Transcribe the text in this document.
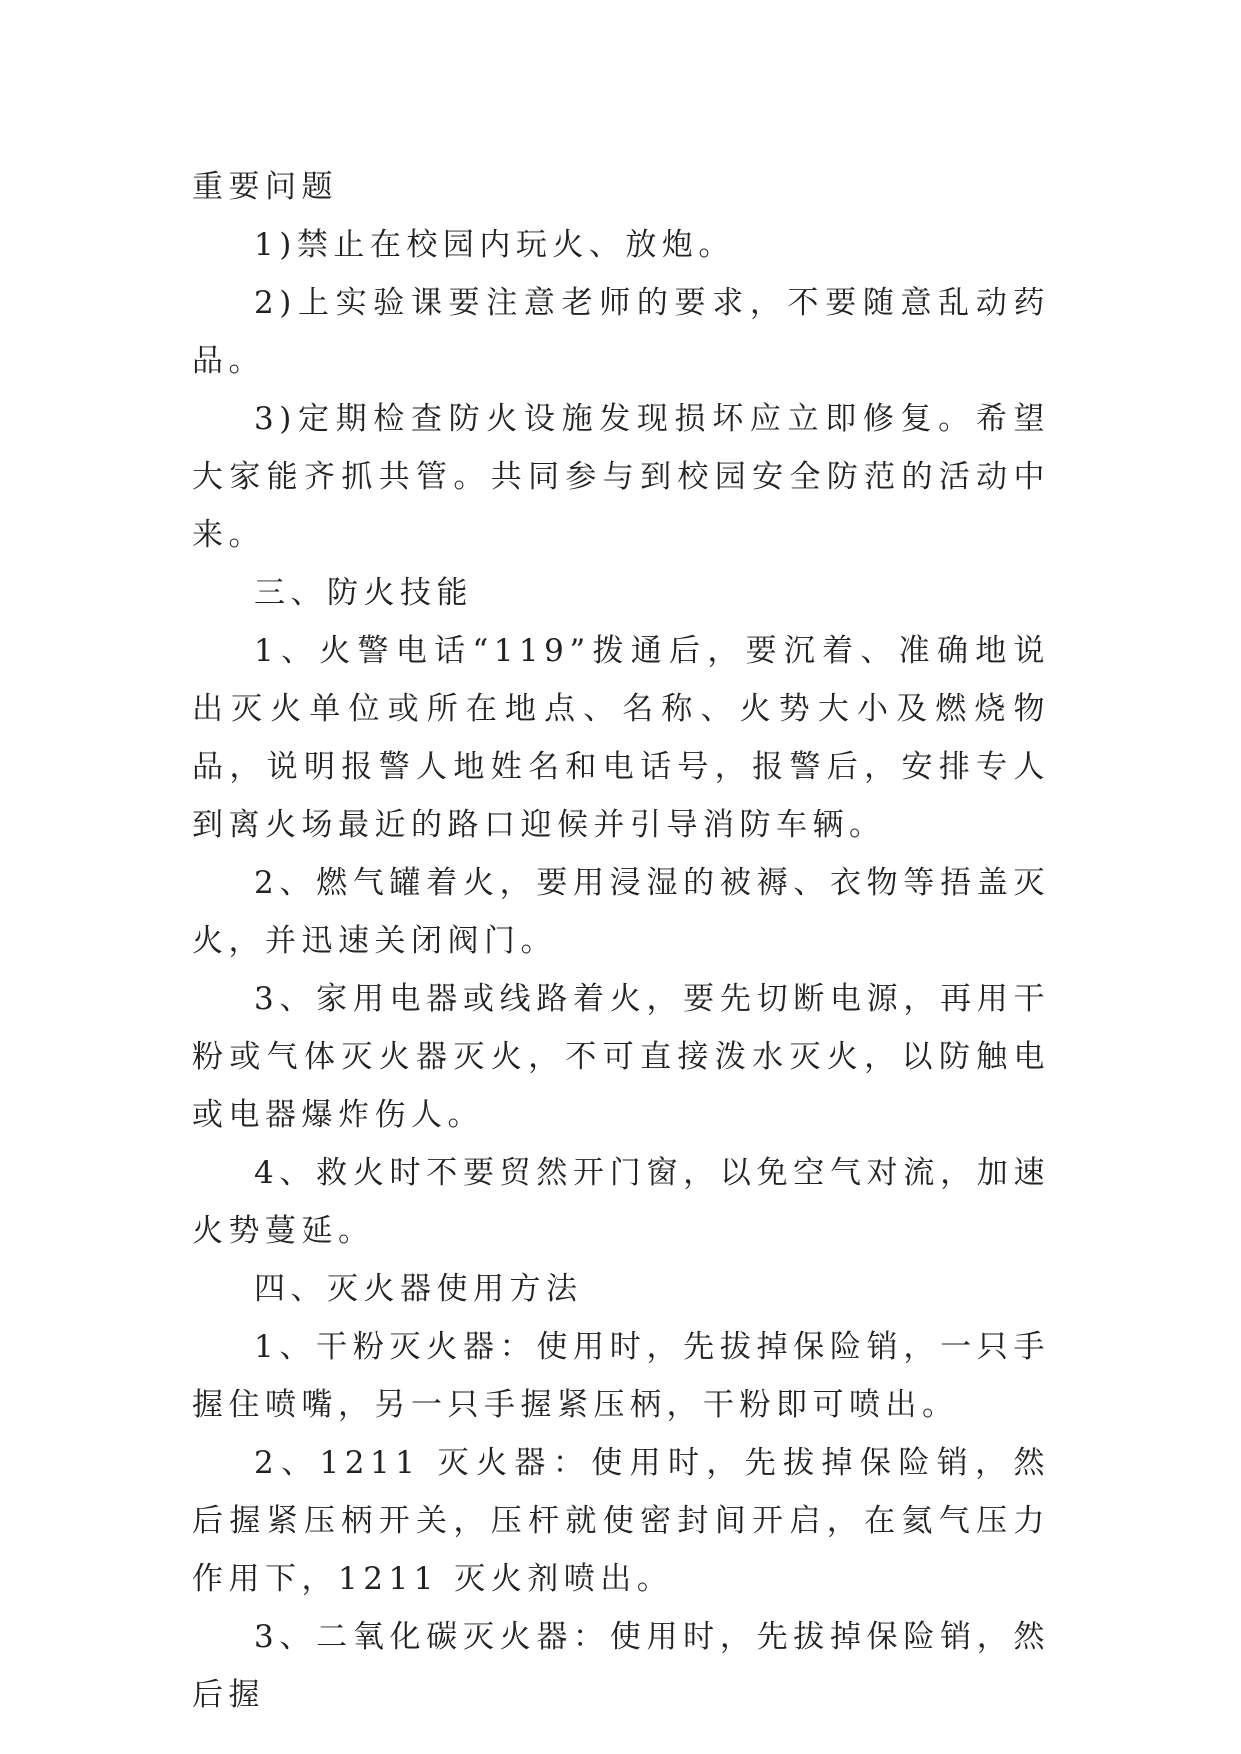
重要问题

1)禁止在校园内玩火、放炮。

2)上实验课要注意老师的要求，不要随意乱动药品。

3)定期检查防火设施发现损坏应立即修复。希望大家能齐抓共管。共同参与到校园安全防范的活动中来。

三、防火技能

1、火警电话“119”拨通后，要沉着、准确地说出灭火单位或所在地点、名称、火势大小及燃烧物品，说明报警人地姓名和电话号，报警后，安排专人到离火场最近的路口迎候并引导消防车辆。

2、燃气罐着火，要用浸湿的被褥、衣物等捂盖灭火，并迅速关闭阀门。

3、家用电器或线路着火，要先切断电源，再用干粉或气体灭火器灭火，不可直接泼水灭火，以防触电或电器爆炸伤人。

4、救火时不要贸然开门窗，以免空气对流，加速火势蔓延。

四、灭火器使用方法

1、干粉灭火器：使用时，先拔掉保险销，一只手握住喷嘴，另一只手握紧压柄，干粉即可喷出。

2、1211 灭火器：使用时，先拔掉保险销，然后握紧压柄开关，压杆就使密封间开启，在氦气压力作用下，1211 灭火剂喷出。

3、二氧化碳灭火器：使用时，先拔掉保险销，然后握
